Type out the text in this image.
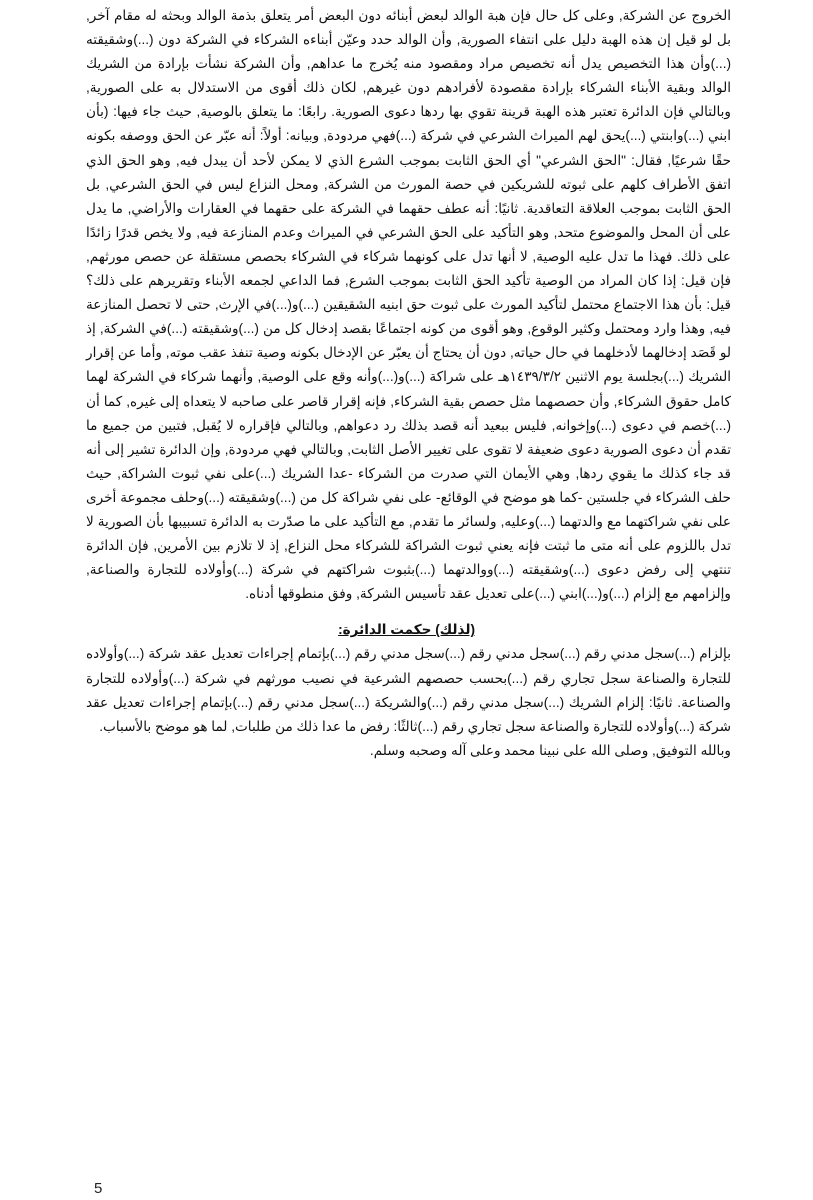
الخروج عن الشركة, وعلى كل حال فإن هبة الوالد لبعض أبنائه دون البعض أمر يتعلق بذمة الوالد وبحثه له مقام آخر, بل لو قيل إن هذه الهبة دليل على انتفاء الصورية, وأن الوالد حدد وعيّن أبناءه الشركاء في الشركة دون (...)وشقيقته (...)وأن هذا التخصيص يدل أنه تخصيص مراد ومقصود منه يُخرج ما عداهم, وأن الشركة نشأت بإرادة من الشريك الوالد وبقية الأبناء الشركاء بإرادة مقصودة لأفرادهم دون غيرهم, لكان ذلك أقوى من الاستدلال به على الصورية, وبالتالي فإن الدائرة تعتبر هذه الهبة قرينة تقوي بها ردها دعوى الصورية. رابعًا: ما يتعلق بالوصية, حيث جاء فيها: (بأن ابني (...)وابنتي (...)يحق لهم الميراث الشرعي في شركة (...)فهي مردودة, وبيانه: أولاً: أنه عبّر عن الحق ووصفه بكونه حقًا شرعيًا, فقال: "الحق الشرعي" أي الحق الثابت بموجب الشرع الذي لا يمكن لأحد أن يبدل فيه, وهو الحق الذي اتفق الأطراف كلهم على ثبوته للشريكين في حصة المورث من الشركة, ومحل النزاع ليس في الحق الشرعي, بل الحق الثابت بموجب العلاقة التعاقدية. ثانيًا: أنه عطف حقهما في الشركة على حقهما في العقارات والأراضي, ما يدل على أن المحل والموضوع متحد, وهو التأكيد على الحق الشرعي في الميراث وعدم المنازعة فيه, ولا يخص قدرًا زائدًا على ذلك. فهذا ما تدل عليه الوصية, لا أنها تدل على كونهما شركاء في الشركاء بحصص مستقلة عن حصص مورثهم, فإن قيل: إذا كان المراد من الوصية تأكيد الحق الثابت بموجب الشرع, فما الداعي لجمعه الأبناء وتقريرهم على ذلك؟ قيل: بأن هذا الاجتماع محتمل لتأكيد المورث على ثبوت حق ابنيه الشقيقين (...)و(...)في الإرث, حتى لا تحصل المنازعة فيه, وهذا وارد ومحتمل وكثير الوقوع, وهو أقوى من كونه اجتماعًا بقصد إدخال كل من (...)وشقيقته (...)في الشركة, إذ لو قَصَد إدخالهما لأدخلهما في حال حياته, دون أن يحتاج أن يعبّر عن الإدخال بكونه وصية تنفذ عقب موته, وأما عن إقرار الشريك (...)بجلسة يوم الاثنين ١٤٣٩/٣/٢هـ على شراكة (...)و(...)وأنه وقع على الوصية, وأنهما شركاء في الشركة لهما كامل حقوق الشركاء, وأن حصصهما مثل حصص بقية الشركاء, فإنه إقرار قاصر على صاحبه لا يتعداه إلى غيره, كما أن (...)خصم في دعوى (...)وإخوانه, فليس ببعيد أنه قصد بذلك رد دعواهم, وبالتالي فإقراره لا يُقبل, فتبين من جميع ما تقدم أن دعوى الصورية دعوى ضعيفة لا تقوى على تغيير الأصل الثابت, وبالتالي فهي مردودة, وإن الدائرة تشير إلى أنه قد جاء كذلك ما يقوي ردها, وهي الأيمان التي صدرت من الشركاء -عدا الشريك (...)على نفي ثبوت الشراكة, حيث حلف الشركاء في جلستين -كما هو موضح في الوقائع- على نفي شراكة كل من (...)وشقيقته (...)وحلف مجموعة أخرى على نفي شراكتهما مع والدتهما (...)وعليه, ولسائر ما تقدم, مع التأكيد على ما صدّرت به الدائرة تسبيبها بأن الصورية لا تدل باللزوم على أنه متى ما ثبتت فإنه يعني ثبوت الشراكة للشركاء محل النزاع, إذ لا تلازم بين الأمرين, فإن الدائرة تنتهي إلى رفض دعوى (...)وشقيقته (...)ووالدتهما (...)بثبوت شراكتهم في شركة (...)وأولاده للتجارة والصناعة, وإلزامهم مع إلزام (...)و(...)ابني (...)على تعديل عقد تأسيس الشركة, وفق منطوقها أدناه.

(لذلك) حكمت الدائرة:

بإلزام (...)سجل مدني رقم (...)سجل مدني رقم (...)سجل مدني رقم (...)بإتمام إجراءات تعديل عقد شركة (...)وأولاده للتجارة والصناعة سجل تجاري رقم (...)بحسب حصصهم الشرعية في نصيب مورثهم في شركة (...)وأولاده للتجارة والصناعة. ثانيًا: إلزام الشريك (...)سجل مدني رقم (...)والشريكة (...)سجل مدني رقم (...)بإتمام إجراءات تعديل عقد شركة (...)وأولاده للتجارة والصناعة سجل تجاري رقم (...)ثالثًا: رفض ما عدا ذلك من طلبات, لما هو موضح بالأسباب.

وبالله التوفيق, وصلى الله على نبينا محمد وعلى آله وصحبه وسلم.

5
